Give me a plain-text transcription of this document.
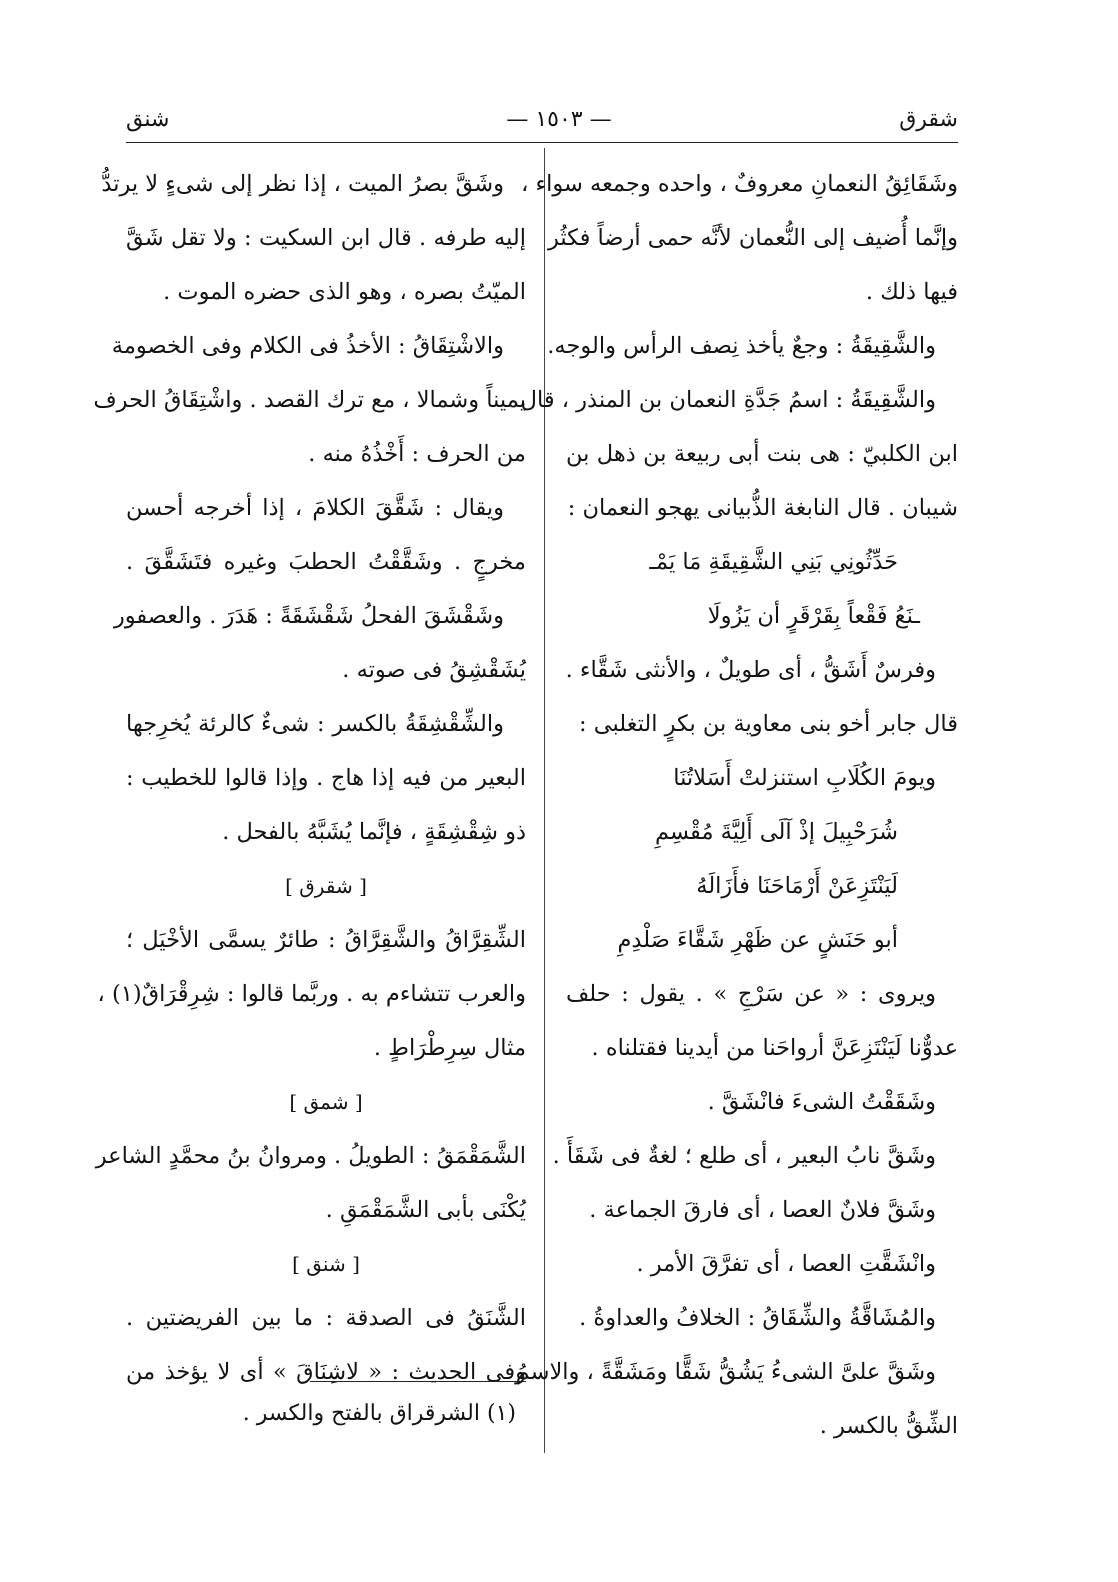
شقرق
— ١٥٠٣ —
شنق
وشَقَائِقُ النعمانِ معروفٌ ، واحده وجمعه سواء ،
وإنَّما أُضيف إلى النُّعمان لأنَّه حمى أرضاً فكثُر
فيها ذلك .
والشَّقِيقَةُ : وجعٌ يأخذ نِصف الرأس والوجه.
والشَّقِيقَةُ : اسمُ جَدَّةِ النعمان بن المنذر ، قال
ابن الكلبيّ : هى بنت أبى ربيعة بن ذهل بن
شيبان . قال النابغة الذُّبيانى يهجو النعمان :
حَدِّثُونِي بَنِي الشَّقِيقَةِ مَا يَمْـ
ـنَعُ فَقْعاً بِقَرْقَرٍ أن يَزُولَا
وفرسٌ أَشَقُّ ، أى طويلٌ ، والأنثى شَقَّاء .
قال جابر أخو بنى معاوية بن بكرٍ التغلبى :
ويومَ الكُلَابِ استنزلتْ أَسَلاتُنَا
شُرَحْبِيلَ إذْ آلَى أَلِيَّةَ مُقْسِمِ
لَيَنْتَزِعَنْ أَرْمَاحَنَا فأَزَالَهُ
أبو حَنَشٍ عن ظَهْرِ شَقَّاءَ صَلْدِمِ
ويروى : « عن سَرْجِ » . يقول : حلف
عدوٌّنا لَيَنْتَزِعَنَّ أرواحَنا من أيدينا فقتلناه .
وشَقَقْتُ الشىءَ فانْشَقَّ .
وشَقَّ نابُ البعير ، أى طلع ؛ لغةٌ فى شَقَأَ .
وشَقَّ فلانٌ العصا ، أى فارقَ الجماعة .
وانْشَقَّتِ العصا ، أى تفرَّقَ الأمر .
والمُشَاقَّةُ والشِّقَاقُ : الخلافُ والعداوةُ .
وشَقَّ علىَّ الشىءُ يَشُقُّ شَقًّا ومَشَقَّةً ، والاسمُ
الشِّقُّ بالكسر .
وشَقَّ بصرُ الميت ، إذا نظر إلى شىءٍ لا يرتدُّ
إليه طرفه . قال ابن السكيت : ولا تقل شَقَّ
الميّتُ بصره ، وهو الذى حضره الموت .
والاشْتِقَاقُ : الأخذُ فى الكلام وفى الخصومة
يميناً وشمالا ، مع ترك القصد . واشْتِقَاقُ الحرف
من الحرف : أَخْذُهُ منه .
ويقال : شَقَّقَ الكلامَ ، إذا أخرجه أحسن
مخرجٍ . وشَقَّقْتُ الحطبَ وغيره فتَشَقَّقَ .
وشَقْشَقَ الفحلُ شَقْشَقَةً : هَدَرَ . والعصفور
يُشَقْشِقُ فى صوته .
والشِّقْشِقَةُ بالكسر : شىءٌ كالرئة يُخرِجها
البعير من فيه إذا هاج . وإذا قالوا للخطيب :
ذو شِقْشِقَةٍ ، فإنَّما يُشَبَّهُ بالفحل .
[ شقرق ]
الشِّقِرَّاقُ والشَّقِرَّاقُ : طائرٌ يسمَّى الأخْيَل ؛
والعرب تتشاءم به . وربَّما قالوا : شِرِقْرَاقٌ(١) ،
مثال سِرِطْرَاطٍ .
[ شمق ]
الشَّمَقْمَقُ : الطويلُ . ومروانُ بنُ محمَّدٍ الشاعر
يُكْنَى بأبى الشَّمَقْمَقِ .
[ شنق ]
الشَّنَقُ فى الصدقة : ما بين الفريضتين .
وفى الحديث : « لاشِنَاقَ » أى لا يؤخذ من
(١) الشرقراق بالفتح والكسر .
